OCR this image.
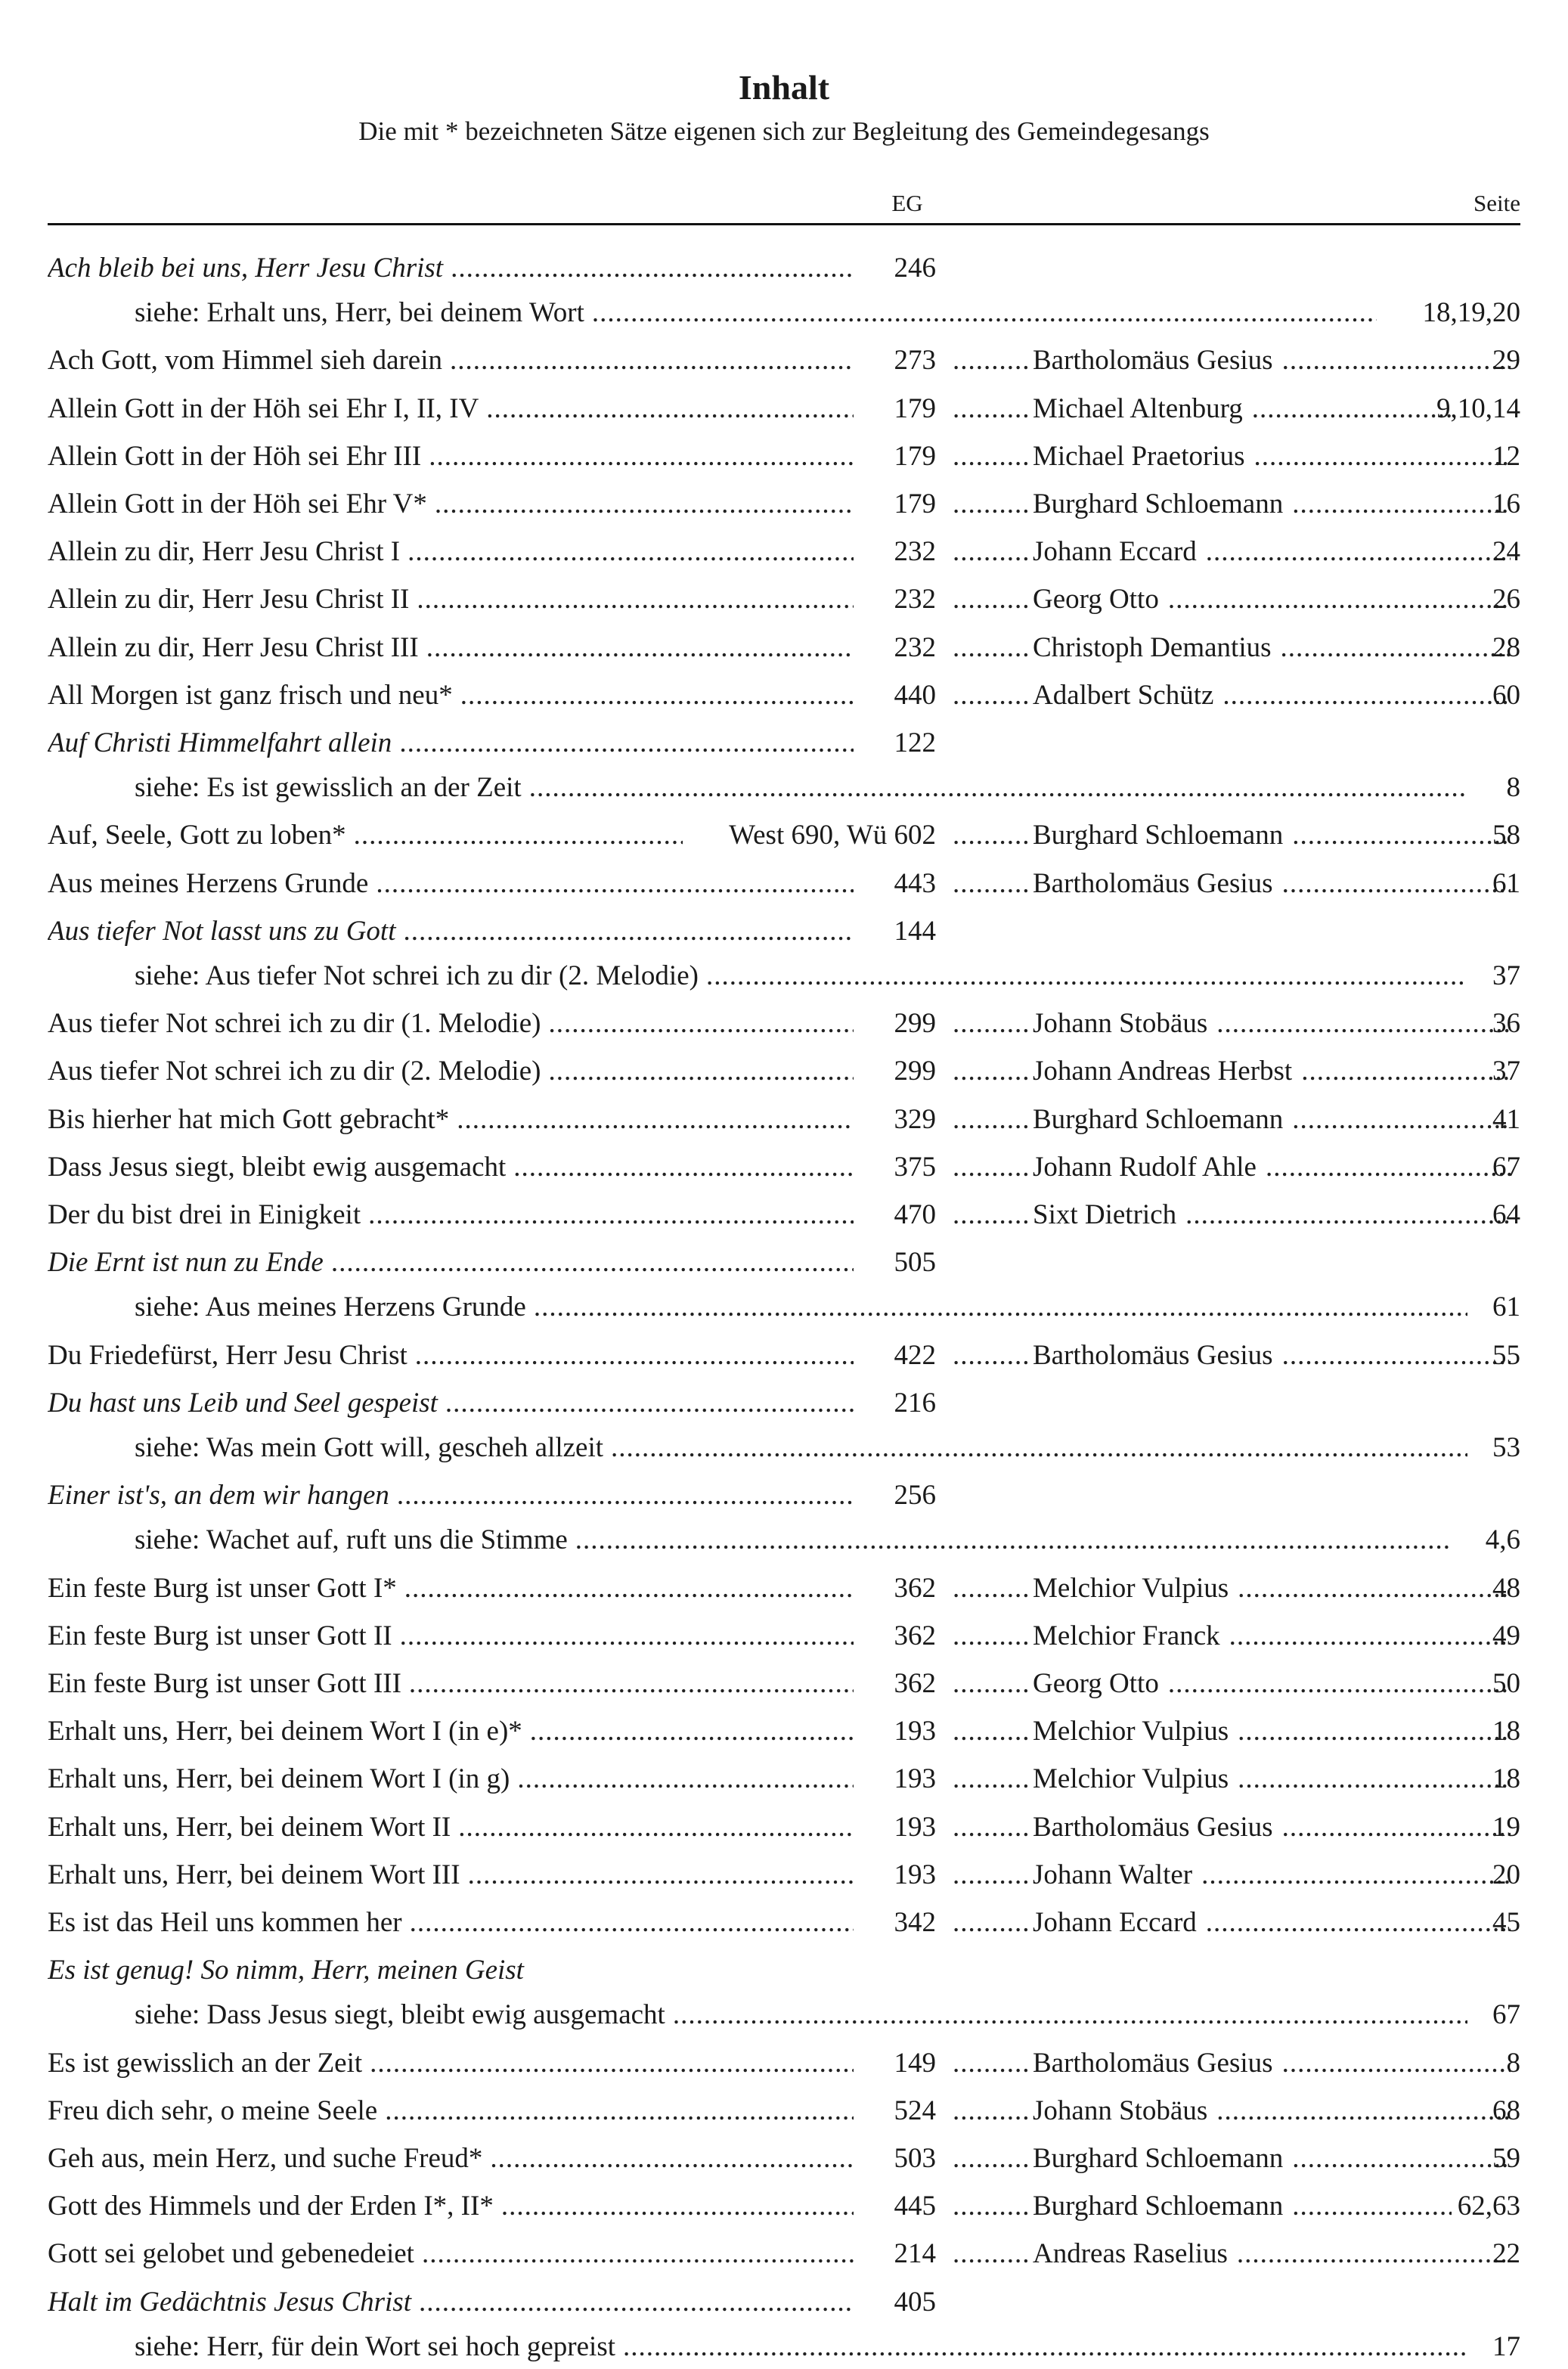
Inhalt
Die mit * bezeichneten Sätze eigenen sich zur Begleitung des Gemeindegesangs
EG	Seite
Ach bleib bei uns, Herr Jesu Christ .....	246
siehe: Erhalt uns, Herr, bei deinem Wort .....	18,19,20
Ach Gott, vom Himmel sieh darein .....	273 .....	Bartholomäus Gesius .....	29
Allein Gott in der Höh sei Ehr I, II, IV .....	179 .....	Michael Altenburg .....	9,10,14
Allein Gott in der Höh sei Ehr III .....	179 .....	Michael Praetorius .....	12
Allein Gott in der Höh sei Ehr V* .....	179 .....	Burghard Schloemann .....	16
Allein zu dir, Herr Jesu Christ I .....	232 .....	Johann Eccard .....	24
Allein zu dir, Herr Jesu Christ II .....	232 .....	Georg Otto .....	26
Allein zu dir, Herr Jesu Christ III .....	232 .....	Christoph Demantius .....	28
All Morgen ist ganz frisch und neu* .....	440 .....	Adalbert Schütz .....	60
Auf Christi Himmelfahrt allein .....	122
siehe: Es ist gewisslich an der Zeit .....	8
Auf, Seele, Gott zu loben* .....	West 690, Wü 602 .....	Burghard Schloemann .....	58
Aus meines Herzens Grunde .....	443 .....	Bartholomäus Gesius .....	61
Aus tiefer Not lasst uns zu Gott .....	144
siehe: Aus tiefer Not schrei ich zu dir (2. Melodie) .....	37
Aus tiefer Not schrei ich zu dir (1. Melodie) .....	299 .....	Johann Stobäus .....	36
Aus tiefer Not schrei ich zu dir (2. Melodie) .....	299 .....	Johann Andreas Herbst .....	37
Bis hierher hat mich Gott gebracht* .....	329 .....	Burghard Schloemann .....	41
Dass Jesus siegt, bleibt ewig ausgemacht .....	375 .....	Johann Rudolf Ahle .....	67
Der du bist drei in Einigkeit .....	470 .....	Sixt Dietrich .....	64
Die Ernt ist nun zu Ende .....	505
siehe: Aus meines Herzens Grunde .....	61
Du Friedefürst, Herr Jesu Christ .....	422 .....	Bartholomäus Gesius .....	55
Du hast uns Leib und Seel gespeist .....	216
siehe: Was mein Gott will, gescheh allzeit .....	53
Einer ist's, an dem wir hangen .....	256
siehe: Wachet auf, ruft uns die Stimme .....	4,6
Ein feste Burg ist unser Gott I* .....	362 .....	Melchior Vulpius .....	48
Ein feste Burg ist unser Gott II .....	362 .....	Melchior Franck .....	49
Ein feste Burg ist unser Gott III .....	362 .....	Georg Otto .....	50
Erhalt uns, Herr, bei deinem Wort I (in e)* .....	193 .....	Melchior Vulpius .....	18
Erhalt uns, Herr, bei deinem Wort I (in g) .....	193 .....	Melchior Vulpius .....	18
Erhalt uns, Herr, bei deinem Wort II .....	193 .....	Bartholomäus Gesius .....	19
Erhalt uns, Herr, bei deinem Wort III .....	193 .....	Johann Walter .....	20
Es ist das Heil uns kommen her .....	342 .....	Johann Eccard .....	45
Es ist genug! So nimm, Herr, meinen Geist
siehe: Dass Jesus siegt, bleibt ewig ausgemacht .....	67
Es ist gewisslich an der Zeit .....	149 .....	Bartholomäus Gesius .....	8
Freu dich sehr, o meine Seele .....	524 .....	Johann Stobäus .....	68
Geh aus, mein Herz, und suche Freud* .....	503 .....	Burghard Schloemann .....	59
Gott des Himmels und der Erden I*, II* .....	445 .....	Burghard Schloemann .....	62,63
Gott sei gelobet und gebenedeiet .....	214 .....	Andreas Raselius .....	22
Halt im Gedächtnis Jesus Christ .....	405
siehe: Herr, für dein Wort sei hoch gepreist .....	17
